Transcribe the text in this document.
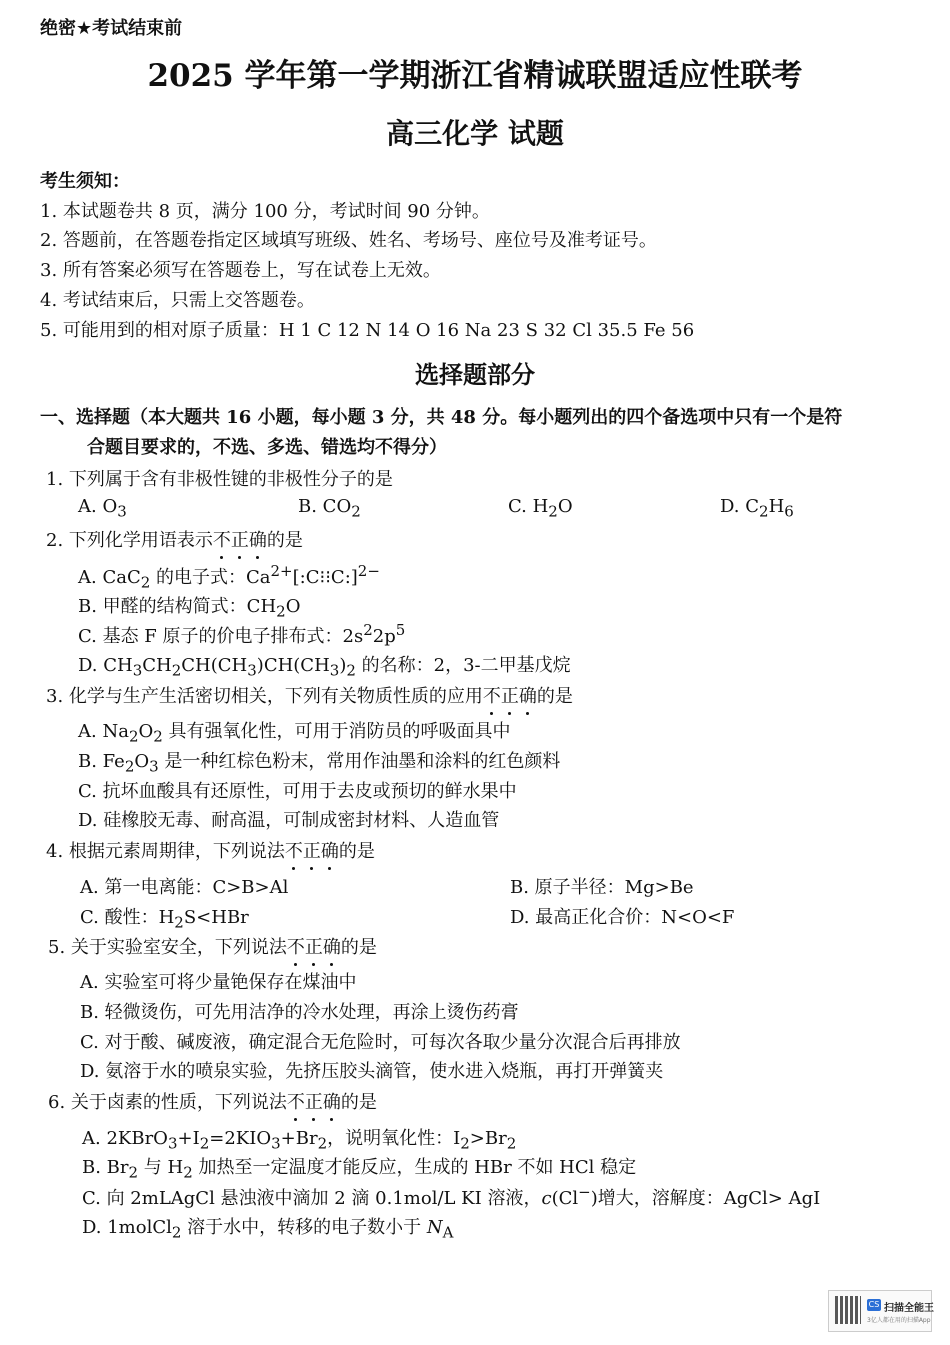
绝密★考试结束前
2025 学年第一学期浙江省精诚联盟适应性联考
高三化学 试题
考生须知：
1. 本试题卷共 8 页，满分 100 分，考试时间 90 分钟。
2. 答题前，在答题卷指定区域填写班级、姓名、考场号、座位号及准考证号。
3. 所有答案必须写在答题卷上，写在试卷上无效。
4. 考试结束后，只需上交答题卷。
5. 可能用到的相对原子质量：H 1 C 12 N 14 O 16 Na 23 S 32 Cl 35.5 Fe 56
选择题部分
一、选择题（本大题共 16 小题，每小题 3 分，共 48 分。每小题列出的四个备选项中只有一个是符
合题目要求的，不选、多选、错选均不得分）
1. 下列属于含有非极性键的非极性分子的是
A. $O_3$	B. $CO_2$	C. $H_2O$	D. $C_2H_6$
2. 下列化学用语表示不正确的是
A. CaC$_2$ 的电子式：$Ca^{2+}[:C⁝⁝C:]^{2-}$
B. 甲醛的结构简式：$CH_2O$
C. 基态 F 原子的价电子排布式：$2s^22p^5$
D. $CH_3CH_2CH(CH_3)CH(CH_3)_2$ 的名称：2，3-二甲基戊烷
3. 化学与生产生活密切相关，下列有关物质性质的应用不正确的是
A. $Na_2O_2$ 具有强氧化性，可用于消防员的呼吸面具中
B. $Fe_2O_3$ 是一种红棕色粉末，常用作油墨和涂料的红色颜料
C. 抗坏血酸具有还原性，可用于去皮或预切的鲜水果中
D. 硅橡胶无毒、耐高温，可制成密封材料、人造血管
4. 根据元素周期律，下列说法不正确的是
A. 第一电离能：C>B>Al	B. 原子半径：Mg>Be
C. 酸性：$H_2S<HBr$	D. 最高正化合价：N<O<F
5. 关于实验室安全，下列说法不正确的是
A. 实验室可将少量铯保存在煤油中
B. 轻微烫伤，可先用洁净的冷水处理，再涂上烫伤药膏
C. 对于酸、碱废液，确定混合无危险时，可每次各取少量分次混合后再排放
D. 氨溶于水的喷泉实验，先挤压胶头滴管，使水进入烧瓶，再打开弹簧夹
6. 关于卤素的性质，下列说法不正确的是
A. $2KBrO_3+I_2=2KIO_3+Br_2$，说明氧化性：$I_2>Br_2$
B. $Br_2$ 与 $H_2$ 加热至一定温度才能反应，生成的 HBr 不如 HCl 稳定
C. 向 2mLAgCl 悬浊液中滴加 2 滴 0.1mol/L KI 溶液，c(Cl−)增大，溶解度：AgCl> AgI
D. 1molCl$_2$ 溶于水中，转移的电子数小于 $N_A$
CS 扫描全能王
3亿人都在用的扫描App
